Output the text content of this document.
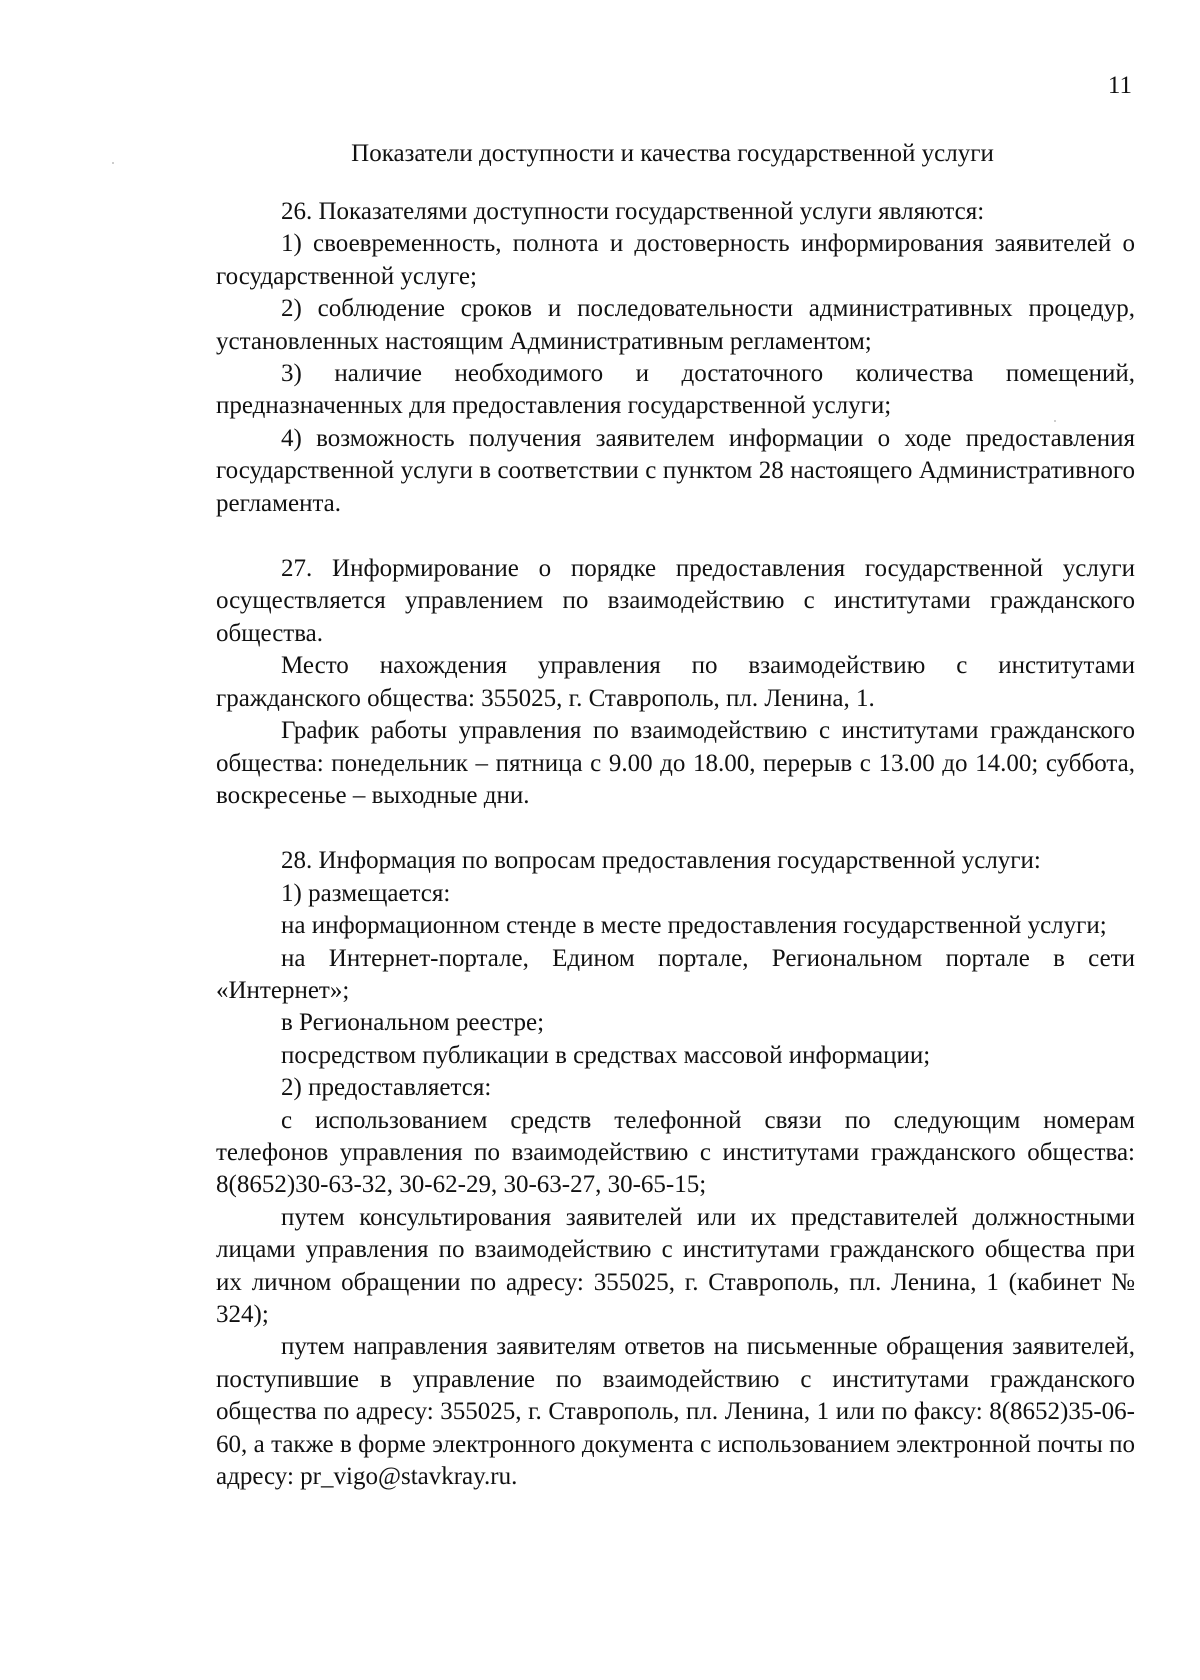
11
Показатели доступности и качества государственной услуги

26. Показателями доступности государственной услуги являются:

1) своевременность, полнота и достоверность информирования заявителей о государственной услуге;

2) соблюдение сроков и последовательности административных процедур, установленных настоящим Административным регламентом;

3) наличие необходимого и достаточного количества помещений, предназначенных для предоставления государственной услуги;

4) возможность получения заявителем информации о ходе предоставления государственной услуги в соответствии с пунктом 28 настоящего Административного регламента.

27. Информирование о порядке предоставления государственной услуги осуществляется управлением по взаимодействию с институтами гражданского общества.

Место нахождения управления по взаимодействию с институтами гражданского общества: 355025, г. Ставрополь, пл. Ленина, 1.

График работы управления по взаимодействию с институтами гражданского общества: понедельник – пятница с 9.00 до 18.00, перерыв с 13.00 до 14.00; суббота, воскресенье – выходные дни.

28. Информация по вопросам предоставления государственной услуги:

1) размещается:

на информационном стенде в месте предоставления государственной услуги;

на Интернет-портале, Едином портале, Региональном портале в сети «Интернет»;

в Региональном реестре;

посредством публикации в средствах массовой информации;

2) предоставляется:

с использованием средств телефонной связи по следующим номерам телефонов управления по взаимодействию с институтами гражданского общества: 8(8652)30-63-32, 30-62-29, 30-63-27, 30-65-15;

путем консультирования заявителей или их представителей должностными лицами управления по взаимодействию с институтами гражданского общества при их личном обращении по адресу: 355025, г. Ставрополь, пл. Ленина, 1 (кабинет № 324);

путем направления заявителям ответов на письменные обращения заявителей, поступившие в управление по взаимодействию с институтами гражданского общества по адресу: 355025, г. Ставрополь, пл. Ленина, 1 или по факсу: 8(8652)35-06-60, а также в форме электронного документа с использованием электронной почты по адресу: pr_vigo@stavkray.ru.
